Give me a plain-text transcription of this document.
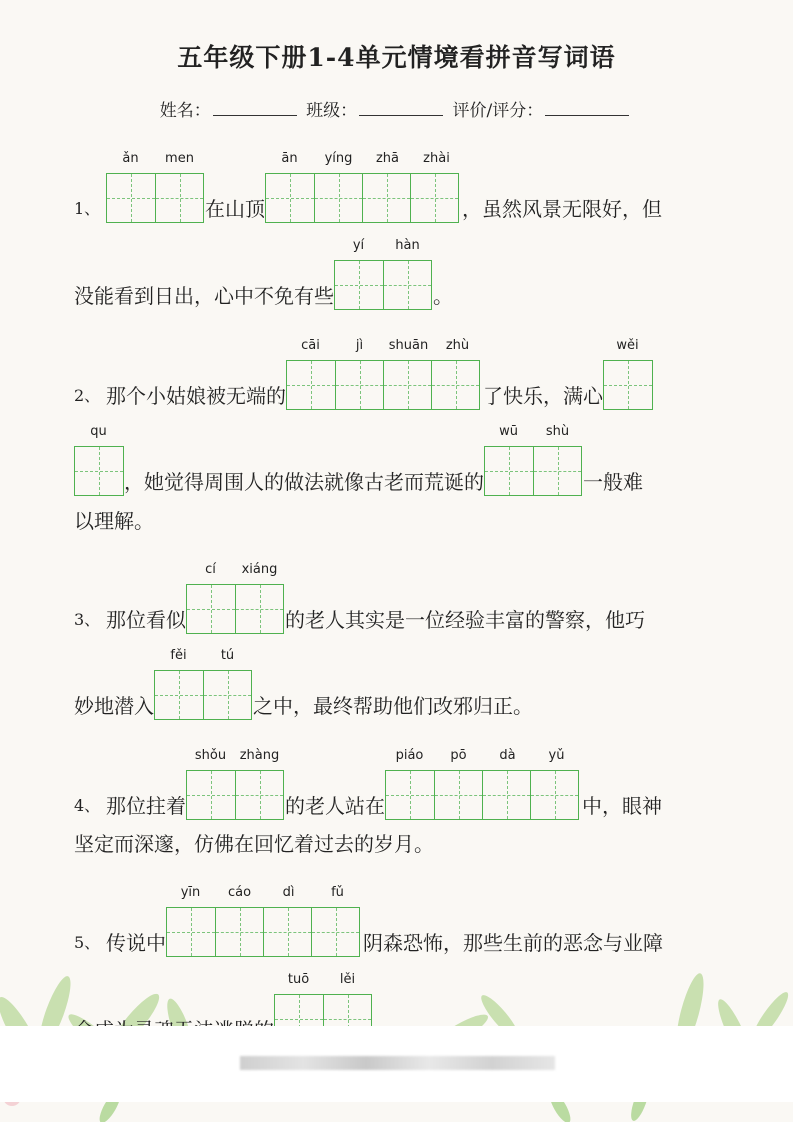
五年级下册1-4单元情境看拼音写词语
姓名：	班级：	评价/评分：
1、
ǎn men
在山顶
ān yíng zhā zhài
，虽然风景无限好，但
没能看到日出，心中不免有些
yí hàn
。
2、 那个小姑娘被无端的
cāi	jì shuān zhù
了快乐，满心
wěi
qu
，她觉得周围人的做法就像古老而荒诞的
wū shù
一般难
以理解。
3、 那位看似
cí xiáng
的老人其实是一位经验丰富的警察，他巧
妙地潜入
fěi	tú
之中，最终帮助他们改邪归正。
4、 那位拄着
shǒu zhàng
的老人站在
piáo pō	dà	yǔ
中，眼神
坚定而深邃，仿佛在回忆着过去的岁月。
5、 传说中
yīn cáo dì	fǔ
阴森恐怖，那些生前的恶念与业障
tuō lěi
